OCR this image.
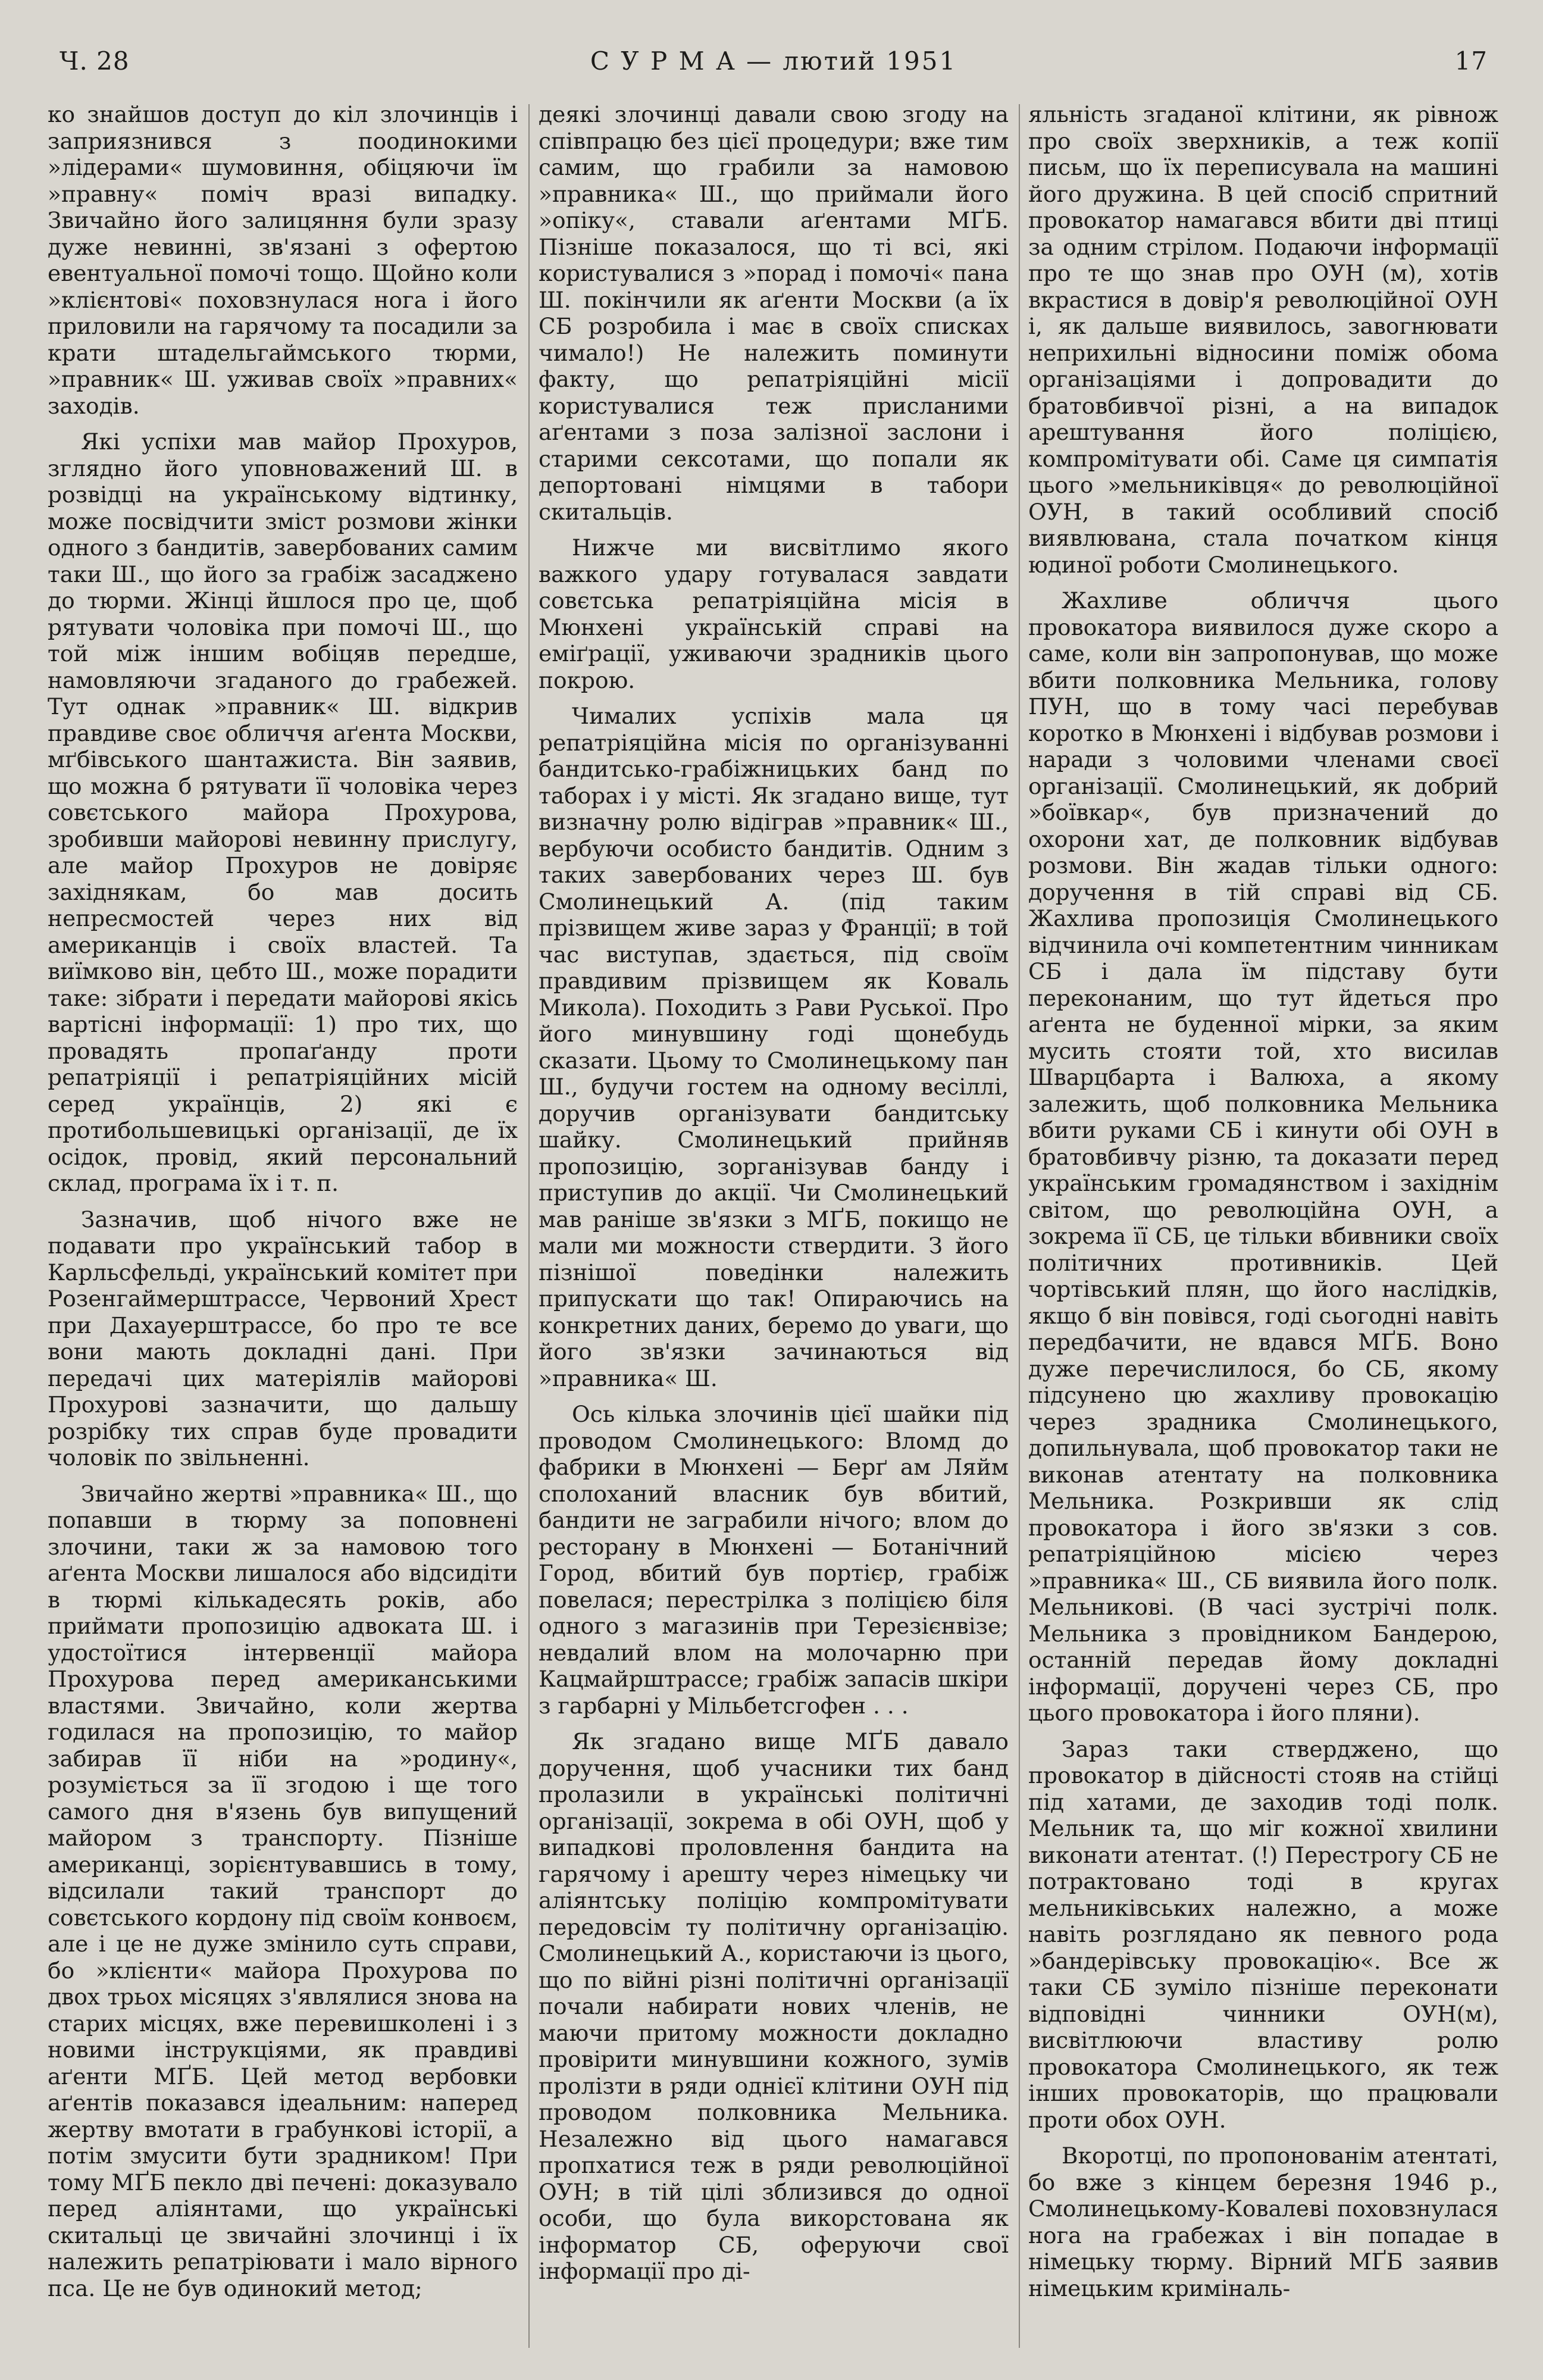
Ч. 28	С У Р М А — лютий 1951	17

ко знайшов доступ до кіл злочинців і заприязнився з поодинокими »лідерами« шумовиння, обіцяючи їм »правну« поміч вразі випадку. Звичайно його залицяння були зразу дуже невинні, зв'язані з офертою евентуальної помочі тощо. Щойно коли »клієнтові« поховзнулася нога і його приловили на гарячому та посадили за крати штадельгаймського тюрми, »правник« Ш. уживав своїх »правних« заходів.

Які успіхи мав майор Прохуров, зглядно його уповноважений Ш. в розвідці на українському відтинку, може посвідчити зміст розмови жінки одного з бандитів, завербованих самим таки Ш., що його за грабіж засаджено до тюрми. Жінці йшлося про це, щоб рятувати чоловіка при помочі Ш., що той між іншим вобіцяв передше, намовляючи згаданого до грабежей. Тут однак »правник« Ш. відкрив правдиве своє обличчя аґента Москви, мґбівського шантажиста. Він заявив, що можна б рятувати її чоловіка через совєтського майора Прохурова, зробивши майорові невинну прислугу, але майор Прохуров не довіряє західнякам, бо мав досить непресмостей через них від американців і своїх властей. Та виїмково він, цебто Ш., може порадити таке: зібрати і передати майорові якісь вартісні інформації: 1) про тих, що провадять пропаґанду проти репатріяції і репатріяційних місій серед українців, 2) які є протибольшевицькі організації, де їх осідок, провід, який персональний склад, програма їх і т. п.

Зазначив, щоб нічого вже не подавати про український табор в Карльсфельді, український комітет при Розенгаймерштрассе, Червоний Хрест при Дахауерштрассе, бо про те все вони мають докладні дані. При передачі цих матеріялів майорові Прохурові зазначити, що дальшу розрібку тих справ буде провадити чоловік по звільненні.

Звичайно жертві »правника« Ш., що попавши в тюрму за поповнені злочини, таки ж за намовою того аґента Москви лишалося або відсидіти в тюрмі кількадесять років, або приймати пропозицію адвоката Ш. і удостоїтися інтервенції майора Прохурова перед американськими властями. Звичайно, коли жертва годилася на пропозицію, то майор забирав її ніби на »родину«, розуміється за її згодою і ще того самого дня в'язень був випущений майором з транспорту. Пізніше американці, зорієнтувавшись в тому, відсилали такий транспорт до совєтського кордону під своїм конвоєм, але і це не дуже змінило суть справи, бо »клієнти« майора Прохурова по двох трьох місяцях з'являлися знова на старих місцях, вже перевишколені і з новими інструкціями, як правдиві аґенти МҐБ. Цей метод вербовки аґентів показався ідеальним: наперед жертву вмотати в грабункові історії, а потім змусити бути зрадником! При тому МҐБ пекло дві печені: доказувало перед аліянтами, що українські скитальці це звичайні злочинці і їх належить репатріювати і мало вірного пса. Це не був одинокий метод;

деякі злочинці давали свою згоду на співпрацю без цієї процедури; вже тим самим, що грабили за намовою »правника« Ш., що приймали його »опіку«, ставали аґентами МҐБ. Пізніше показалося, що ті всі, які користувалися з »порад і помочі« пана Ш. покінчили як аґенти Москви (а їх СБ розробила і має в своїх списках чимало!) Не належить поминути факту, що репатріяційні місії користувалися теж присланими аґентами з поза залізної заслони і старими сексотами, що попали як депортовані німцями в табори скитальців.

Нижче ми висвітлимо якого важкого удару готувалася завдати совєтська репатріяційна місія в Мюнхені українській справі на еміґрації, уживаючи зрадників цього покрою.

Чималих успіхів мала ця репатріяційна місія по організуванні бандитсько-грабіжницьких банд по таборах і у місті. Як згадано вище, тут визначну ролю відіграв »правник« Ш., вербуючи особисто бандитів. Одним з таких завербованих через Ш. був Смолинецький А. (під таким прізвищем живе зараз у Франції; в той час виступав, здається, під своїм правдивим прізвищем як Коваль Микола). Походить з Рави Руської. Про його минувшину годі щонебудь сказати. Цьому то Смолинецькому пан Ш., будучи гостем на одному весіллі, доручив організувати бандитську шайку. Смолинецький прийняв пропозицію, зорганізував банду і приступив до акції. Чи Смолинецький мав раніше зв'язки з МҐБ, покищо не мали ми можности ствердити. З його пізнішої поведінки належить припускати що так! Опираючись на конкретних даних, беремо до уваги, що його зв'язки зачинаються від »правника« Ш.

Ось кілька злочинів цієї шайки під проводом Смолинецького: Вломд до фабрики в Мюнхені — Берґ ам Ляйм сполоханий власник був вбитий, бандити не заграбили нічого; влом до ресторану в Мюнхені — Ботанічний Город, вбитий був портієр, грабіж повелася; перестрілка з поліцією біля одного з магазинів при Терезієнвізе; невдалий влом на молочарню при Кацмайрштрассе; грабіж запасів шкіри з гарбарні у Мільбетсгофен . . .

Як згадано вище МҐБ давало доручення, щоб учасники тих банд пролазили в українські політичні організації, зокрема в обі ОУН, щоб у випадкові проловлення бандита на гарячому і арешту через німецьку чи аліянтську поліцію компромітувати передовсім ту політичну організацію. Смолинецький А., користаючи із цього, що по війні різні політичні організації почали набирати нових членів, не маючи притому можности докладно провірити минувшини кожного, зумів пролізти в ряди однієї клітини ОУН під проводом полковника Мельника. Незалежно від цього намагався пропхатися теж в ряди революційної ОУН; в тій цілі зблизився до одної особи, що була викорстована як інформатор СБ, оферуючи свої інформації про ді-

яльність згаданої клітини, як рівнож про своїх зверхників, а теж копії письм, що їх переписувала на машині його дружина. В цей спосіб спритний провокатор намагався вбити дві птиці за одним стрілом. Подаючи інформації про те що знав про ОУН (м), хотів вкрастися в довір'я революційної ОУН і, як дальше виявилось, завогнювати неприхильні відносини поміж обома організаціями і допровадити до братовбивчої різні, а на випадок арештування його поліцією, компромітувати обі. Саме ця симпатія цього »мельниківця« до революційної ОУН, в такий особливий спосіб виявлювана, стала початком кінця юдиної роботи Смолинецького.

Жахливе обличчя цього провокатора виявилося дуже скоро а саме, коли він запропонував, що може вбити полковника Мельника, голову ПУН, що в тому часі перебував коротко в Мюнхені і відбував розмови і наради з чоловими членами своєї організації. Смолинецький, як добрий »боївкар«, був призначений до охорони хат, де полковник відбував розмови. Він жадав тільки одного: доручення в тій справі від СБ. Жахлива пропозиція Смолинецького відчинила очі компетентним чинникам СБ і дала їм підставу бути переконаним, що тут йдеться про аґента не буденної мірки, за яким мусить стояти той, хто висилав Шварцбарта і Валюха, а якому залежить, щоб полковника Мельника вбити руками СБ і кинути обі ОУН в братовбивчу різню, та доказати перед українським громадянством і західнім світом, що революційна ОУН, а зокрема її СБ, це тільки вбивники своїх політичних противників. Цей чортівський плян, що його наслідків, якщо б він повівся, годі сьогодні навіть передбачити, не вдався МҐБ. Воно дуже перечислилося, бо СБ, якому підсунено цю жахливу провокацію через зрадника Смолинецького, допильнувала, щоб провокатор таки не виконав атентату на полковника Мельника. Розкривши як слід провокатора і його зв'язки з сов. репатріяційною місією через »правника« Ш., СБ виявила його полк. Мельникові. (В часі зустрічі полк. Мельника з провідником Бандерою, останній передав йому докладні інформації, доручені через СБ, про цього провокатора і його пляни).

Зараз таки стверджено, що провокатор в дійсності стояв на стійці під хатами, де заходив тоді полк. Мельник та, що міг кожної хвилини виконати атентат. (!) Перестрогу СБ не потрактовано тоді в кругах мельниківських належно, а може навіть розглядано як певного рода »бандерівську провокацію«. Все ж таки СБ зуміло пізніше переконати відповідні чинники ОУН(м), висвітлюючи властиву ролю провокатора Смолинецького, як теж інших провокаторів, що працювали проти обох ОУН.

Вкоротці, по пропонованім атентаті, бо вже з кінцем березня 1946 р., Смолинецькому-Ковалеві поховзнулася нога на грабежах і він попадае в німецьку тюрму. Вірний МҐБ заявив німецьким криміналь-
